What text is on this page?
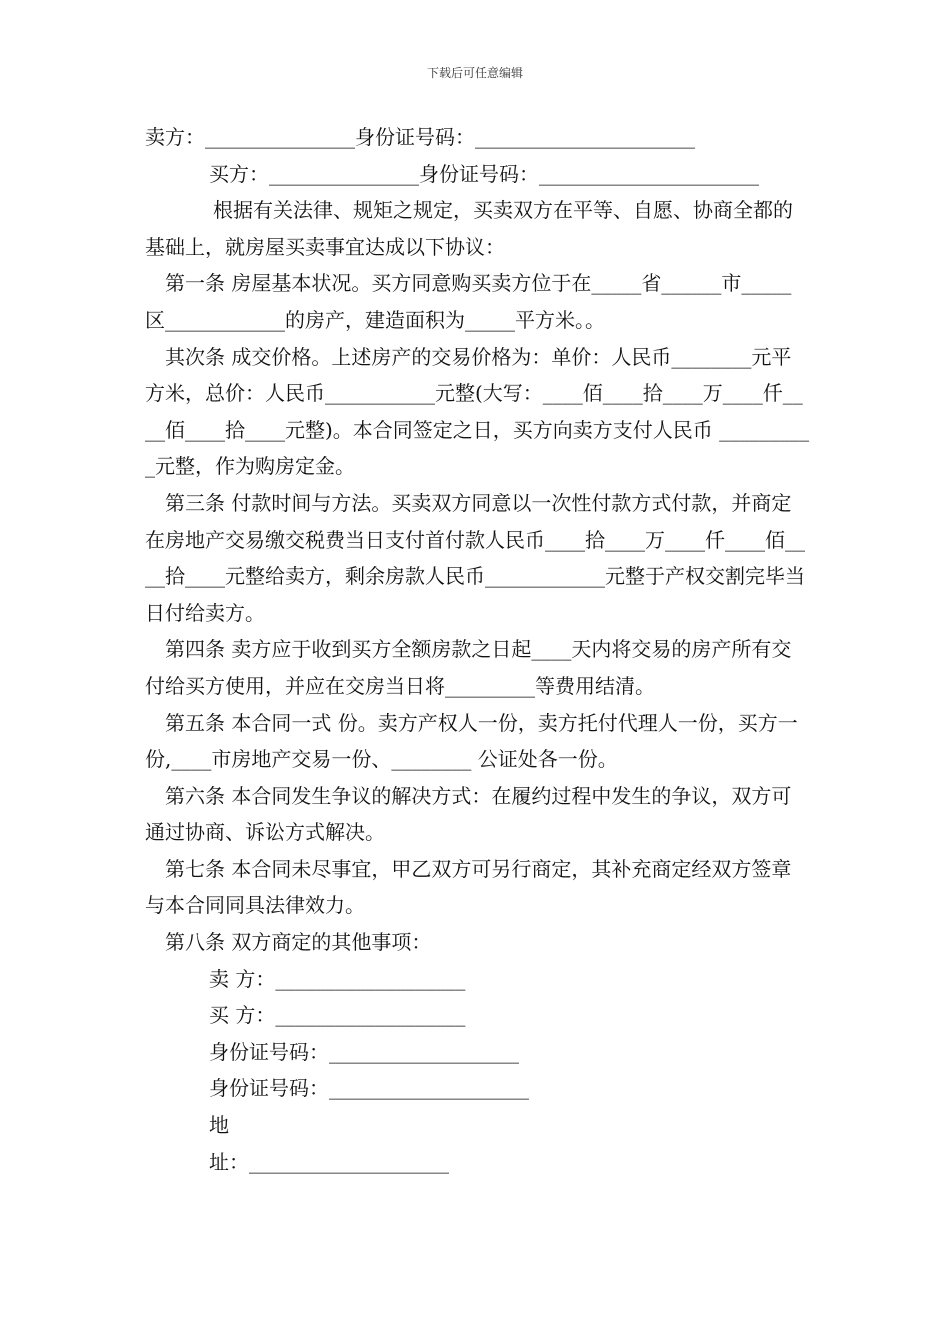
下载后可任意编辑

卖方：_______________身份证号码：______________________

买方：_______________身份证号码：______________________

根据有关法律、规矩之规定，买卖双方在平等、自愿、协商全都的基础上，就房屋买卖事宜达成以下协议：

第一条 房屋基本状况。买方同意购买卖方位于在_____省______市_____区____________的房产，建造面积为_____平方米。。

其次条 成交价格。上述房产的交易价格为：单价：人民币________元平方米，总价：人民币___________元整(大写：____佰____拾____万____仟____佰____拾____元整)。本合同签定之日，买方向卖方支付人民币 __________元整，作为购房定金。

第三条 付款时间与方法。买卖双方同意以一次性付款方式付款，并商定在房地产交易缴交税费当日支付首付款人民币____拾____万____仟____佰____拾____元整给卖方，剩余房款人民币____________元整于产权交割完毕当日付给卖方。

第四条 卖方应于收到买方全额房款之日起____天内将交易的房产所有交付给买方使用，并应在交房当日将_________等费用结清。

第五条 本合同一式 份。卖方产权人一份，卖方托付代理人一份，买方一份,____市房地产交易一份、________ 公证处各一份。

第六条 本合同发生争议的解决方式：在履约过程中发生的争议，双方可通过协商、诉讼方式解决。

第七条 本合同未尽事宜，甲乙双方可另行商定，其补充商定经双方签章与本合同同具法律效力。

第八条 双方商定的其他事项：

卖 方：___________________

买 方：___________________

身份证号码：___________________

身份证号码：____________________

地

址：____________________
